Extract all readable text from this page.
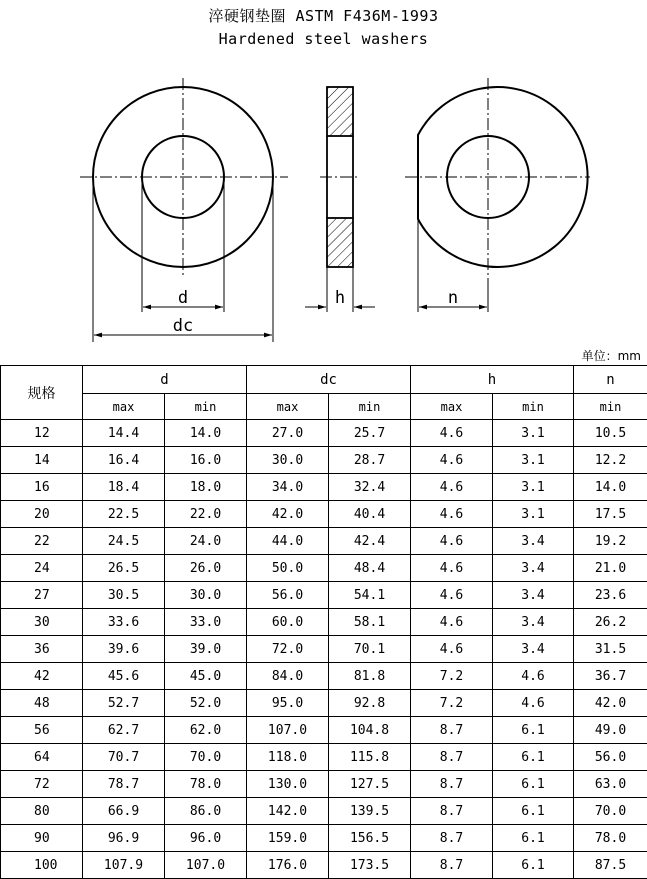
淬硬钢垫圈 ASTM F436M-1993
Hardened steel washers
d
dc
h	n
单位：mm
规格	d		dc		h		n
	max	min	max	min	max	min	min
12	14.4	14.0	27.0	25.7	4.6	3.1	10.5
14	16.4	16.0	30.0	28.7	4.6	3.1	12.2
16	18.4	18.0	34.0	32.4	4.6	3.1	14.0
20	22.5	22.0	42.0	40.4	4.6	3.1	17.5
22	24.5	24.0	44.0	42.4	4.6	3.4	19.2
24	26.5	26.0	50.0	48.4	4.6	3.4	21.0
27	30.5	30.0	56.0	54.1	4.6	3.4	23.6
30	33.6	33.0	60.0	58.1	4.6	3.4	26.2
36	39.6	39.0	72.0	70.1	4.6	3.4	31.5
42	45.6	45.0	84.0	81.8	7.2	4.6	36.7
48	52.7	52.0	95.0	92.8	7.2	4.6	42.0
56	62.7	62.0	107.0	104.8	8.7	6.1	49.0
64	70.7	70.0	118.0	115.8	8.7	6.1	56.0
72	78.7	78.0	130.0	127.5	8.7	6.1	63.0
80	66.9	86.0	142.0	139.5	8.7	6.1	70.0
90	96.9	96.0	159.0	156.5	8.7	6.1	78.0
100	107.9	107.0	176.0	173.5	8.7	6.1	87.5
